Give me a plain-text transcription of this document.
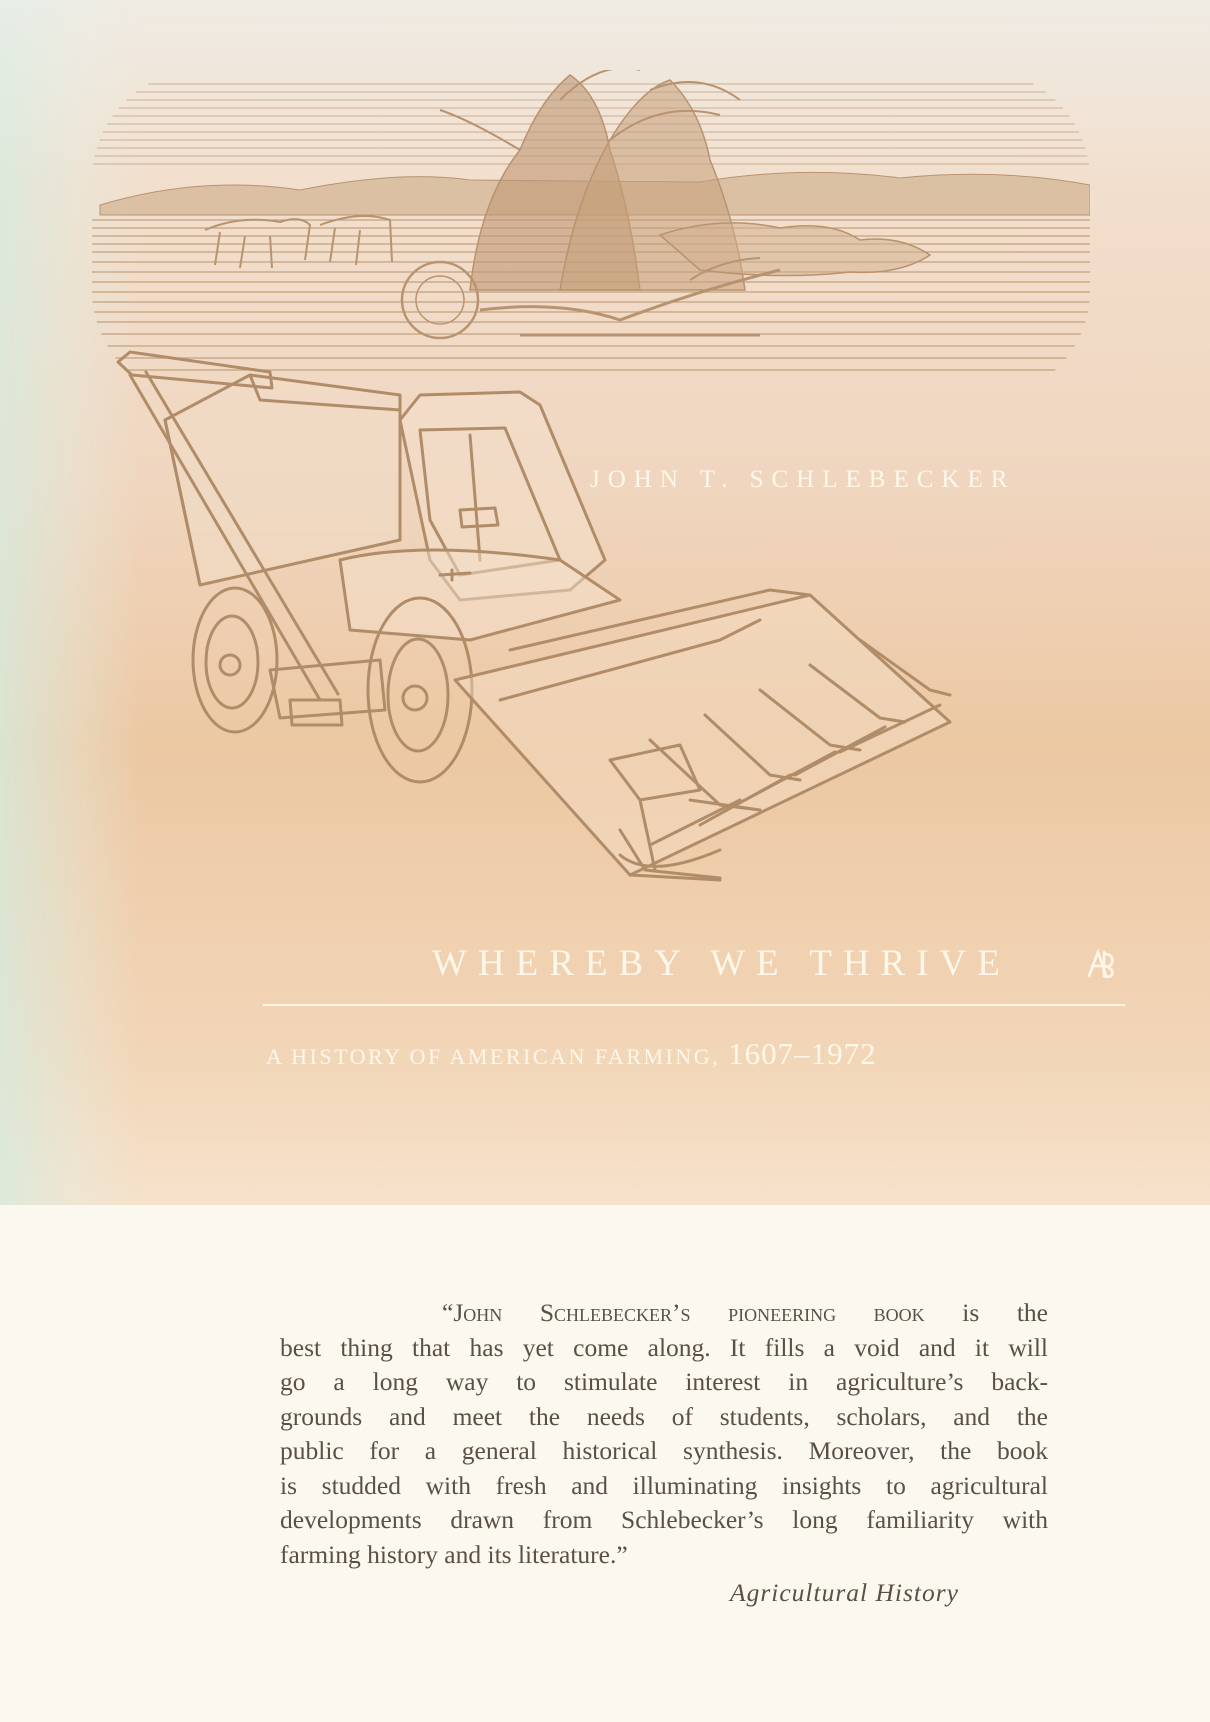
JOHN T. SCHLEBECKER
WHEREBY WE THRIVE
A HISTORY OF AMERICAN FARMING, 1607–1972
“John Schlebecker’s pioneering book is the
best thing that has yet come along. It fills a void and it will
go a long way to stimulate interest in agriculture’s back-
grounds and meet the needs of students, scholars, and the
public for a general historical synthesis. Moreover, the book
is studded with fresh and illuminating insights to agricultural
developments drawn from Schlebecker’s long familiarity with
farming history and its literature.”
Agricultural History
